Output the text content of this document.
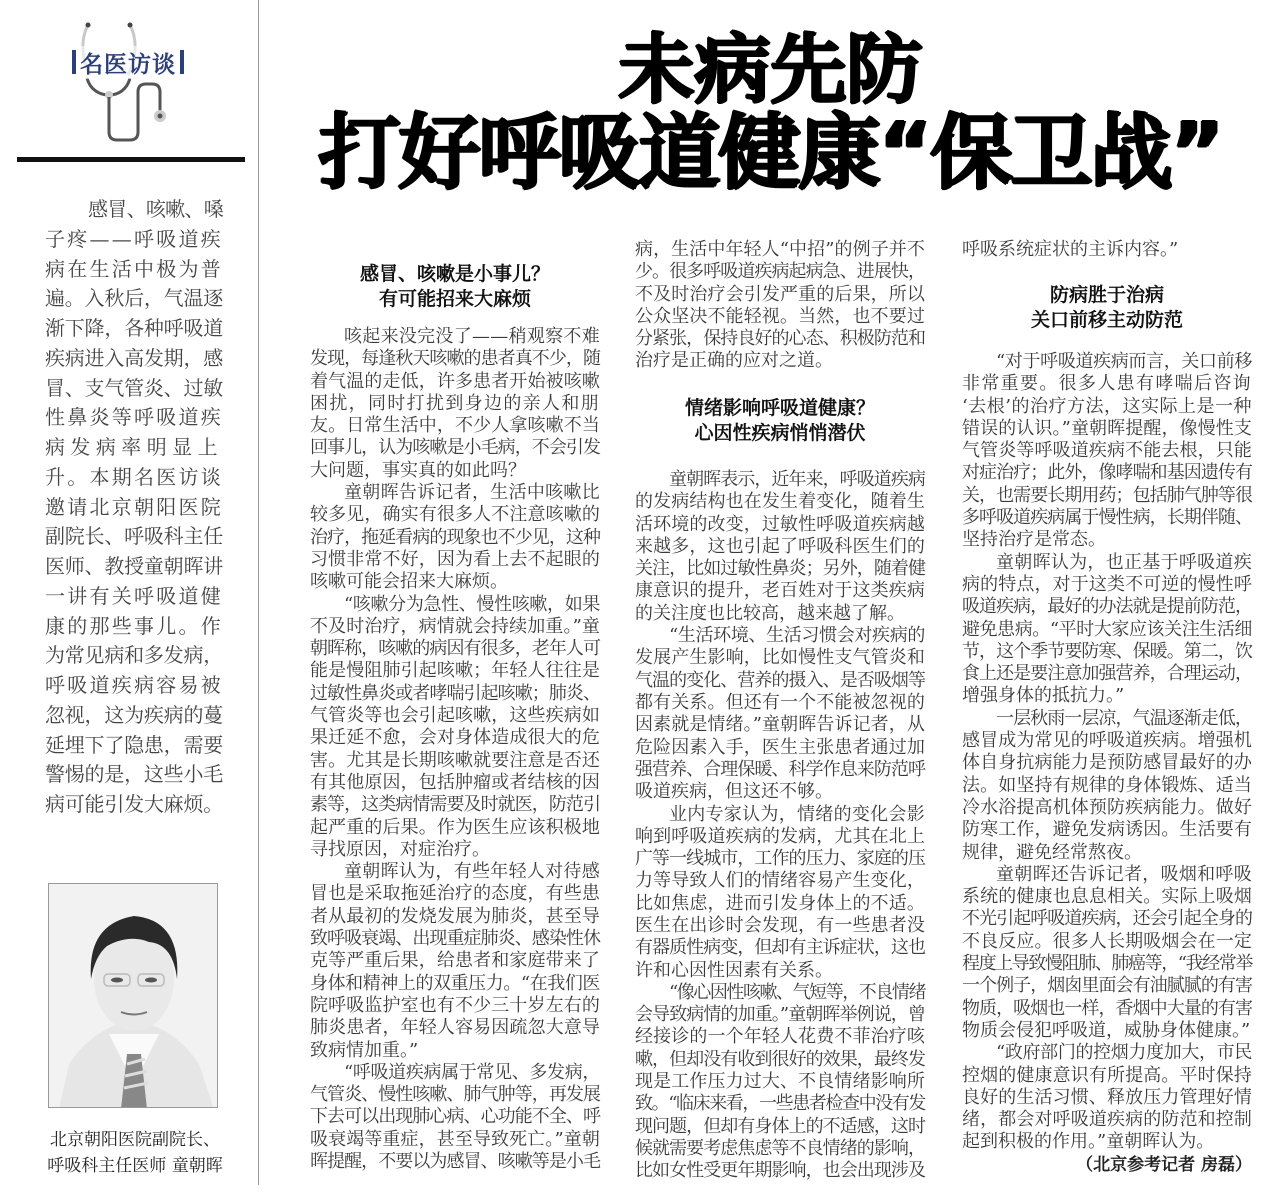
名医访谈	未病先防
打好呼吸道健康“保卫战”
感冒、咳嗽、嗓
子疼——呼吸道疾
病在生活中极为普
遍。入秋后，气温逐
渐下降，各种呼吸道
疾病进入高发期，感
冒、支气管炎、过敏
性鼻炎等呼吸道疾
病发病率明显上
升。本期名医访谈
邀请北京朝阳医院
副院长、呼吸科主任
医师、教授童朝晖讲
一讲有关呼吸道健
康的那些事儿。作
为常见病和多发病，
呼吸道疾病容易被
忽视，这为疾病的蔓
延埋下了隐患，需要
警惕的是，这些小毛
病可能引发大麻烦。
北京朝阳医院副院长、
呼吸科主任医师 童朝晖
感冒、咳嗽是小事儿？
有可能招来大麻烦
咳起来没完没了——稍观察不难
发现，每逢秋天咳嗽的患者真不少，随
着气温的走低，许多患者开始被咳嗽
困扰，同时打扰到身边的亲人和朋
友。日常生活中，不少人拿咳嗽不当
回事儿，认为咳嗽是小毛病，不会引发
大问题，事实真的如此吗？
童朝晖告诉记者，生活中咳嗽比
较多见，确实有很多人不注意咳嗽的
治疗，拖延看病的现象也不少见，这种
习惯非常不好，因为看上去不起眼的
咳嗽可能会招来大麻烦。
“咳嗽分为急性、慢性咳嗽，如果
不及时治疗，病情就会持续加重。”童
朝晖称，咳嗽的病因有很多，老年人可
能是慢阻肺引起咳嗽；年轻人往往是
过敏性鼻炎或者哮喘引起咳嗽；肺炎、
气管炎等也会引起咳嗽，这些疾病如
果迁延不愈，会对身体造成很大的危
害。尤其是长期咳嗽就要注意是否还
有其他原因，包括肿瘤或者结核的因
素等，这类病情需要及时就医，防范引
起严重的后果。作为医生应该积极地
寻找原因，对症治疗。
童朝晖认为，有些年轻人对待感
冒也是采取拖延治疗的态度，有些患
者从最初的发烧发展为肺炎，甚至导
致呼吸衰竭、出现重症肺炎、感染性休
克等严重后果，给患者和家庭带来了
身体和精神上的双重压力。“在我们医
院呼吸监护室也有不少三十岁左右的
肺炎患者，年轻人容易因疏忽大意导
致病情加重。”
“呼吸道疾病属于常见、多发病，
气管炎、慢性咳嗽、肺气肿等，再发展
下去可以出现肺心病、心功能不全、呼
吸衰竭等重症，甚至导致死亡。”童朝
晖提醒，不要以为感冒、咳嗽等是小毛
病，生活中年轻人“中招”的例子并不
少。很多呼吸道疾病起病急、进展快，
不及时治疗会引发严重的后果，所以
公众坚决不能轻视。当然，也不要过
分紧张，保持良好的心态、积极防范和
治疗是正确的应对之道。
情绪影响呼吸道健康？
心因性疾病悄悄潜伏
童朝晖表示，近年来，呼吸道疾病
的发病结构也在发生着变化，随着生
活环境的改变，过敏性呼吸道疾病越
来越多，这也引起了呼吸科医生们的
关注，比如过敏性鼻炎；另外，随着健
康意识的提升，老百姓对于这类疾病
的关注度也比较高，越来越了解。
“生活环境、生活习惯会对疾病的
发展产生影响，比如慢性支气管炎和
气温的变化、营养的摄入、是否吸烟等
都有关系。但还有一个不能被忽视的
因素就是情绪。”童朝晖告诉记者，从
危险因素入手，医生主张患者通过加
强营养、合理保暖、科学作息来防范呼
吸道疾病，但这还不够。
业内专家认为，情绪的变化会影
响到呼吸道疾病的发病，尤其在北上
广等一线城市，工作的压力、家庭的压
力等导致人们的情绪容易产生变化，
比如焦虑，进而引发身体上的不适。
医生在出诊时会发现，有一些患者没
有器质性病变，但却有主诉症状，这也
许和心因性因素有关系。
“像心因性咳嗽、气短等，不良情绪
会导致病情的加重。”童朝晖举例说，曾
经接诊的一个年轻人花费不菲治疗咳
嗽，但却没有收到很好的效果，最终发
现是工作压力过大、不良情绪影响所
致。“临床来看，一些患者检查中没有发
现问题，但却有身体上的不适感，这时
候就需要考虑焦虑等不良情绪的影响，
比如女性受更年期影响，也会出现涉及
呼吸系统症状的主诉内容。”
防病胜于治病
关口前移主动防范
“对于呼吸道疾病而言，关口前移
非常重要。很多人患有哮喘后咨询
‘去根’的治疗方法，这实际上是一种
错误的认识。”童朝晖提醒，像慢性支
气管炎等呼吸道疾病不能去根，只能
对症治疗；此外，像哮喘和基因遗传有
关，也需要长期用药；包括肺气肿等很
多呼吸道疾病属于慢性病，长期伴随、
坚持治疗是常态。
童朝晖认为，也正基于呼吸道疾
病的特点，对于这类不可逆的慢性呼
吸道疾病，最好的办法就是提前防范，
避免患病。“平时大家应该关注生活细
节，这个季节要防寒、保暖。第二，饮
食上还是要注意加强营养，合理运动，
增强身体的抵抗力。”
一层秋雨一层凉，气温逐渐走低，
感冒成为常见的呼吸道疾病。增强机
体自身抗病能力是预防感冒最好的办
法。如坚持有规律的身体锻炼、适当
冷水浴提高机体预防疾病能力。做好
防寒工作，避免发病诱因。生活要有
规律，避免经常熬夜。
童朝晖还告诉记者，吸烟和呼吸
系统的健康也息息相关。实际上吸烟
不光引起呼吸道疾病，还会引起全身的
不良反应。很多人长期吸烟会在一定
程度上导致慢阻肺、肺癌等，“我经常举
一个例子，烟囱里面会有油腻腻的有害
物质，吸烟也一样，香烟中大量的有害
物质会侵犯呼吸道，威胁身体健康。”
“政府部门的控烟力度加大，市民
控烟的健康意识有所提高。平时保持
良好的生活习惯、释放压力管理好情
绪，都会对呼吸道疾病的防范和控制
起到积极的作用。”童朝晖认为。
（北京参考记者 房磊）
